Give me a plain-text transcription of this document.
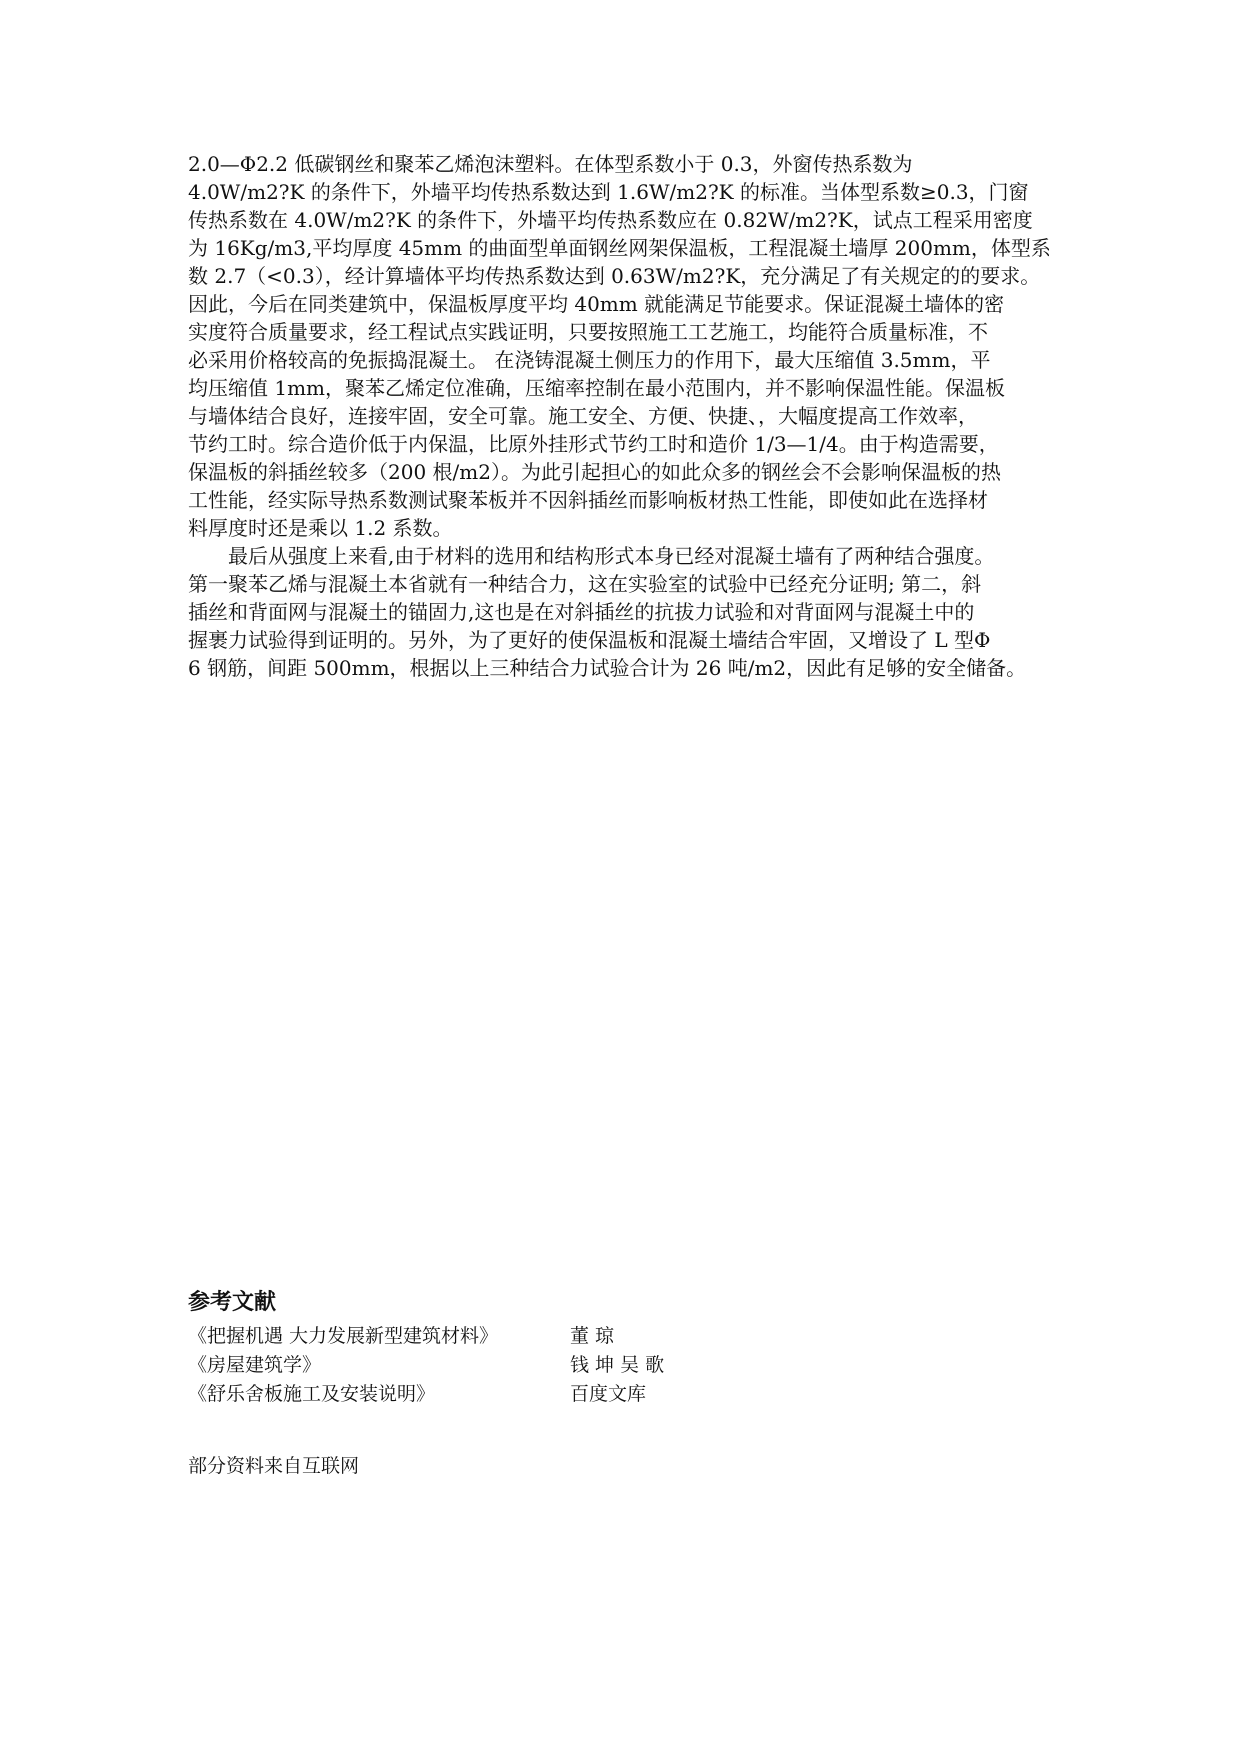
2.0—Φ2.2 低碳钢丝和聚苯乙烯泡沫塑料。在体型系数小于 0.3，外窗传热系数为
4.0W/m2?K 的条件下，外墙平均传热系数达到 1.6W/m2?K 的标准。当体型系数≥0.3，门窗
传热系数在 4.0W/m2?K 的条件下，外墙平均传热系数应在 0.82W/m2?K，试点工程采用密度
为 16Kg/m3,平均厚度 45mm 的曲面型单面钢丝网架保温板，工程混凝土墙厚 200mm，体型系
数 2.7（<0.3），经计算墙体平均传热系数达到 0.63W/m2?K，充分满足了有关规定的的要求。
因此，今后在同类建筑中，保温板厚度平均 40mm 就能满足节能要求。保证混凝土墙体的密
实度符合质量要求，经工程试点实践证明，只要按照施工工艺施工，均能符合质量标准，不
必采用价格较高的免振捣混凝土。 在浇铸混凝土侧压力的作用下，最大压缩值 3.5mm，平
均压缩值 1mm，聚苯乙烯定位准确，压缩率控制在最小范围内，并不影响保温性能。保温板
与墙体结合良好，连接牢固，安全可靠。施工安全、方便、快捷、，大幅度提高工作效率，
节约工时。综合造价低于内保温，比原外挂形式节约工时和造价 1/3—1/4。由于构造需要，
保温板的斜插丝较多（200 根/m2）。为此引起担心的如此众多的钢丝会不会影响保温板的热
工性能，经实际导热系数测试聚苯板并不因斜插丝而影响板材热工性能，即使如此在选择材
料厚度时还是乘以 1.2 系数。
　　最后从强度上来看,由于材料的选用和结构形式本身已经对混凝土墙有了两种结合强度。
第一聚苯乙烯与混凝土本省就有一种结合力，这在实验室的试验中已经充分证明; 第二，斜
插丝和背面网与混凝土的锚固力,这也是在对斜插丝的抗拔力试验和对背面网与混凝土中的
握裹力试验得到证明的。另外，为了更好的使保温板和混凝土墙结合牢固，又增设了 L 型Φ
6 钢筋，间距 500mm，根据以上三种结合力试验合计为 26 吨/m2，因此有足够的安全储备。
参考文献
《把握机遇 大力发展新型建筑材料》	董 琼
《房屋建筑学》	钱 坤 吴 歌
《舒乐舍板施工及安装说明》	百度文库
部分资料来自互联网
